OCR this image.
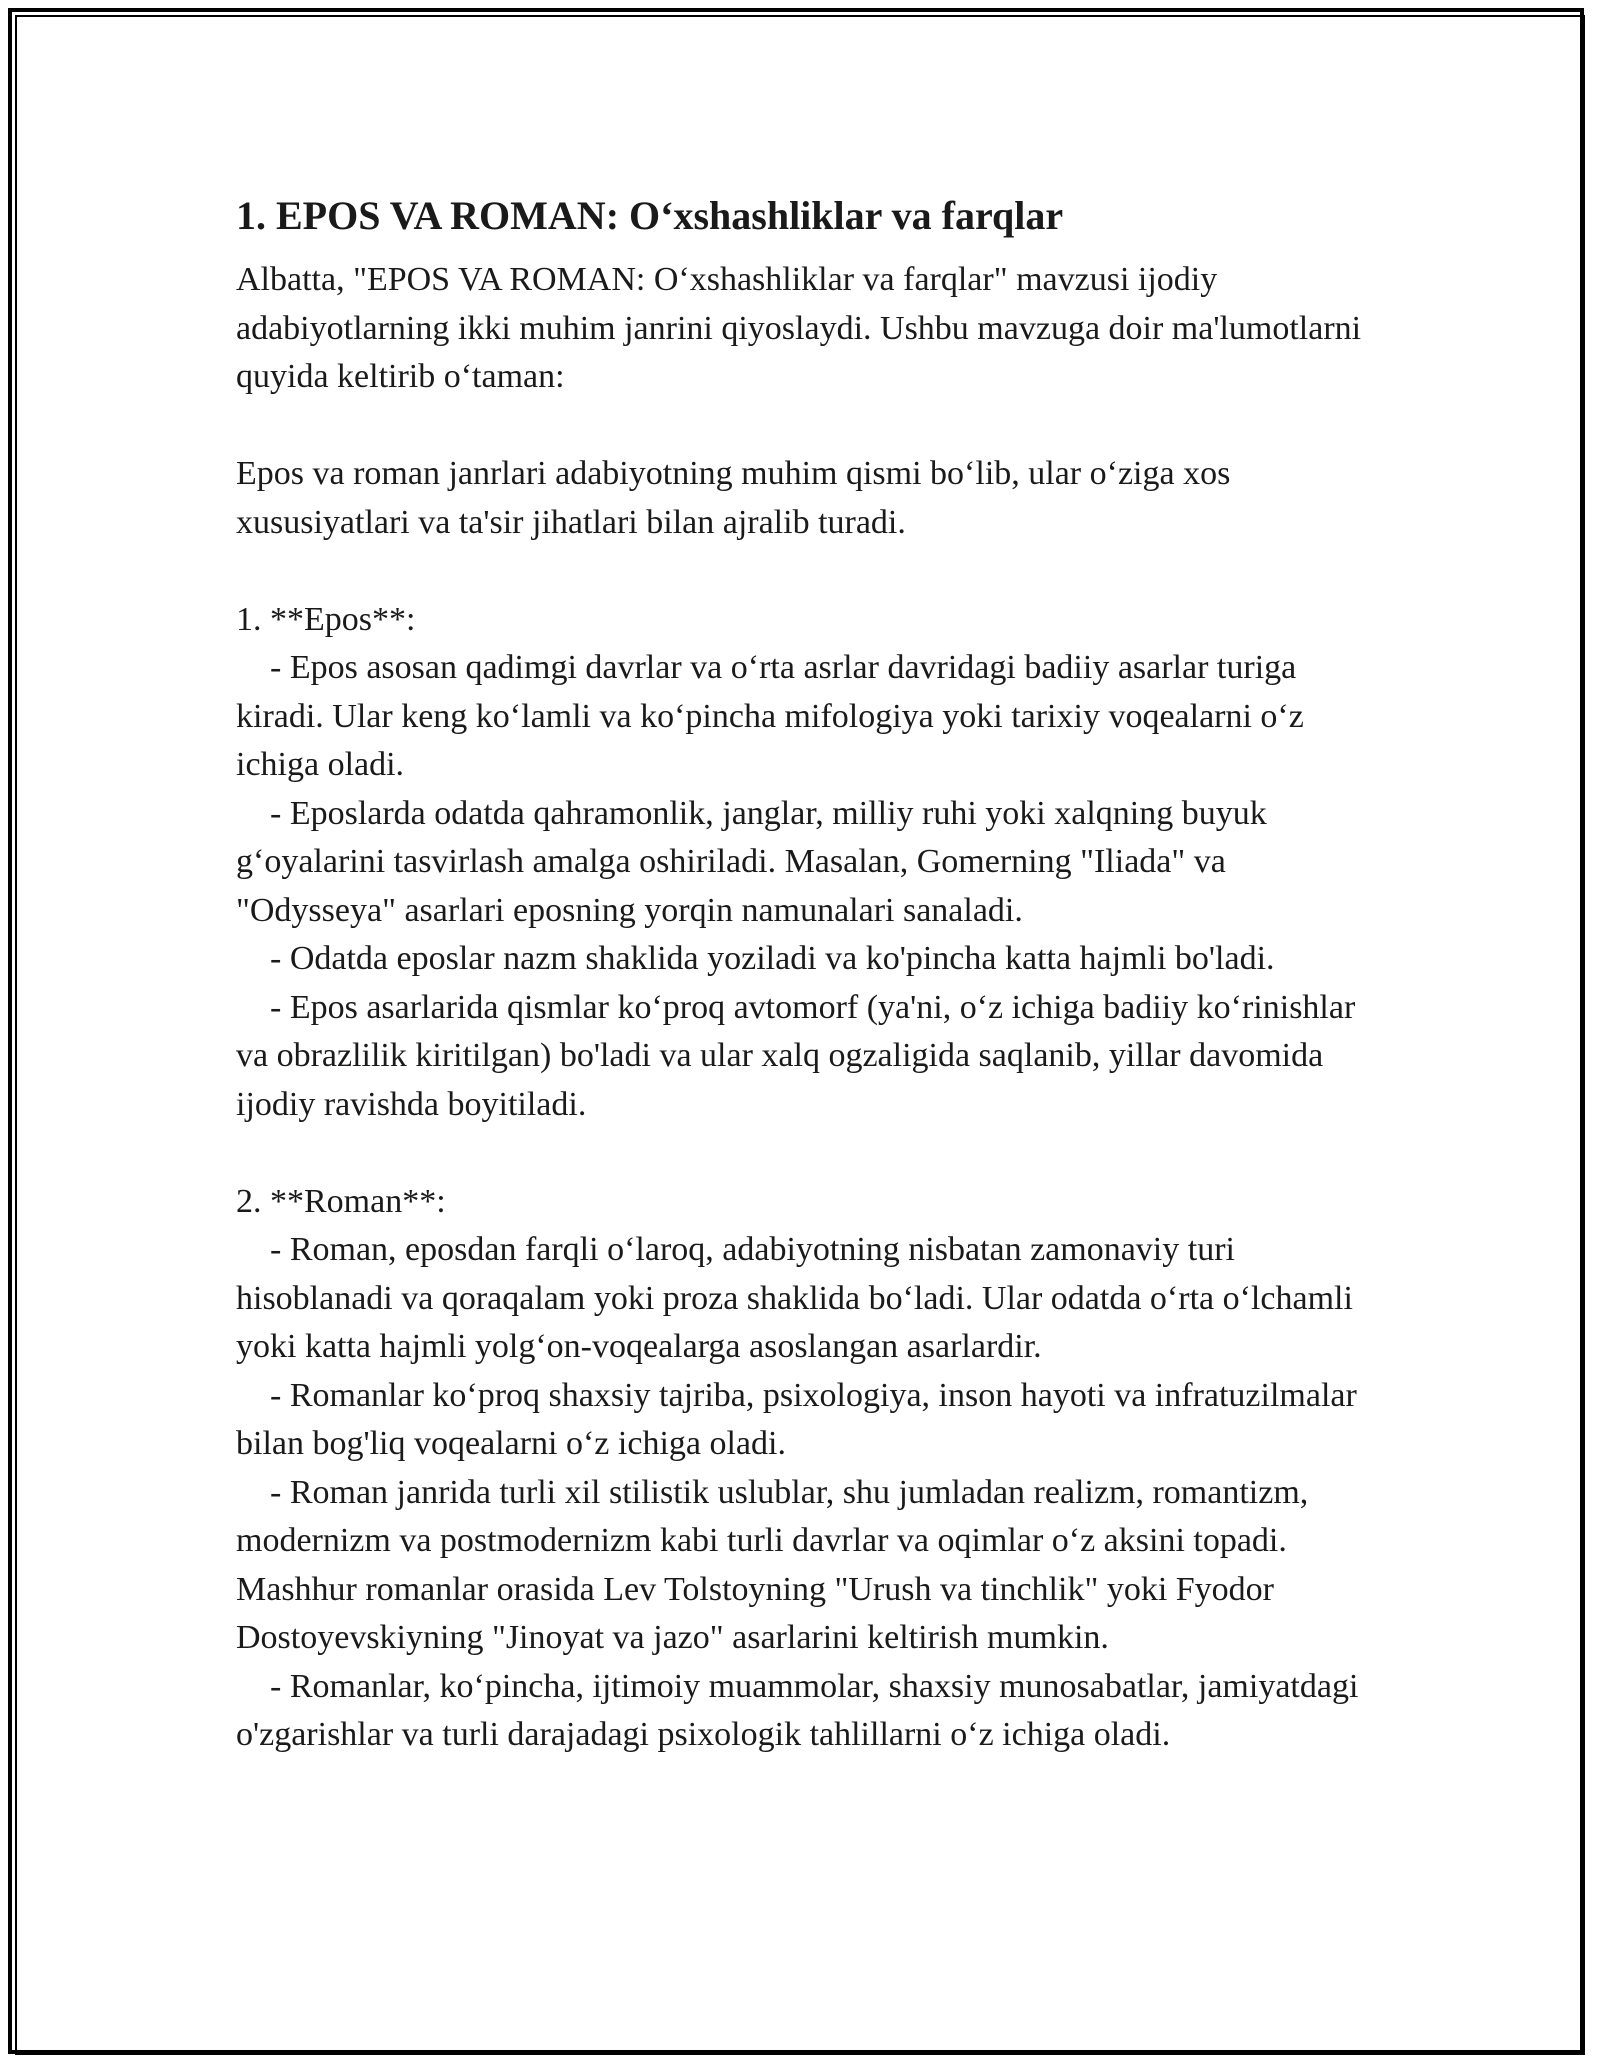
1. EPOS VA ROMAN: O‘xshashliklar va farqlar

Albatta, "EPOS VA ROMAN: O‘xshashliklar va farqlar" mavzusi ijodiy adabiyotlarning ikki muhim janrini qiyoslaydi. Ushbu mavzuga doir ma'lumotlarni quyida keltirib o‘taman:

Epos va roman janrlari adabiyotning muhim qismi bo‘lib, ular o‘ziga xos xususiyatlari va ta'sir jihatlari bilan ajralib turadi.

1. **Epos**:

- Epos asosan qadimgi davrlar va o‘rta asrlar davridagi badiiy asarlar turiga kiradi. Ular keng ko‘lamli va ko‘pincha mifologiya yoki tarixiy voqealarni o‘z ichiga oladi.

- Eposlarda odatda qahramonlik, janglar, milliy ruhi yoki xalqning buyuk g‘oyalarini tasvirlash amalga oshiriladi. Masalan, Gomerning "Iliada" va "Odysseya" asarlari eposning yorqin namunalari sanaladi.

- Odatda eposlar nazm shaklida yoziladi va ko'pincha katta hajmli bo'ladi.

- Epos asarlarida qismlar ko‘proq avtomorf (ya'ni, o‘z ichiga badiiy ko‘rinishlar va obrazlilik kiritilgan) bo'ladi va ular xalq ogzaligida saqlanib, yillar davomida ijodiy ravishda boyitiladi.

2. **Roman**:

- Roman, eposdan farqli o‘laroq, adabiyotning nisbatan zamonaviy turi hisoblanadi va qoraqalam yoki proza shaklida bo‘ladi. Ular odatda o‘rta o‘lchamli yoki katta hajmli yolg‘on-voqealarga asoslangan asarlardir.

- Romanlar ko‘proq shaxsiy tajriba, psixologiya, inson hayoti va infratuzilmalar bilan bog'liq voqealarni o‘z ichiga oladi.

- Roman janrida turli xil stilistik uslublar, shu jumladan realizm, romantizm, modernizm va postmodernizm kabi turli davrlar va oqimlar o‘z aksini topadi. Mashhur romanlar orasida Lev Tolstoyning "Urush va tinchlik" yoki Fyodor Dostoyevskiyning "Jinoyat va jazo" asarlarini keltirish mumkin.

- Romanlar, ko‘pincha, ijtimoiy muammolar, shaxsiy munosabatlar, jamiyatdagi o'zgarishlar va turli darajadagi psixologik tahlillarni o‘z ichiga oladi.
